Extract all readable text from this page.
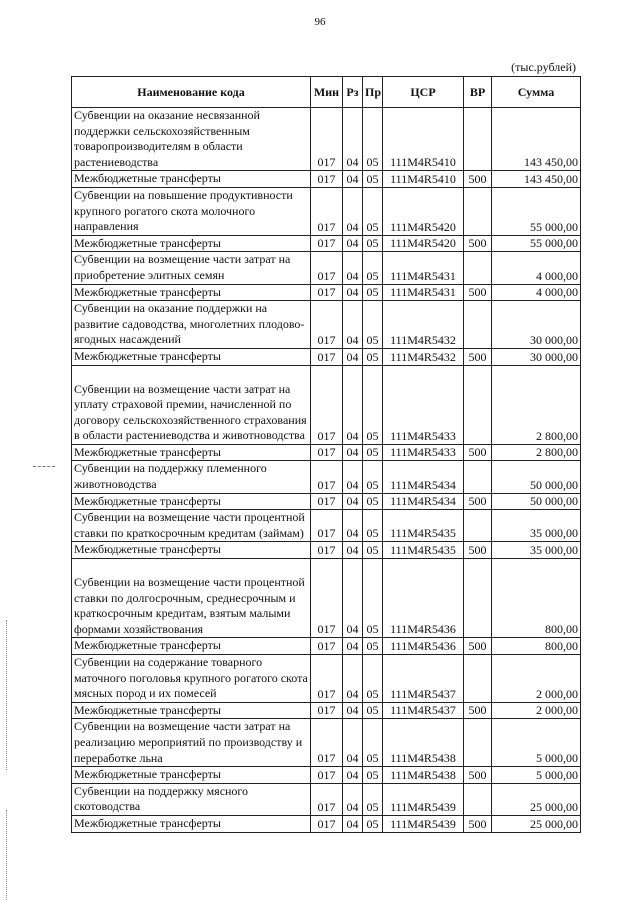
96
(тыс.рублей)
Наименование кода	Мин	Рз	Пр	ЦСР	ВР	Сумма
Субвенции на оказание несвязанной поддержки сельскохозяйственным товаропроизводителям в области растениеводства	017	04	05	111M4R5410		143 450,00
Межбюджетные трансферты	017	04	05	111M4R5410	500	143 450,00
Субвенции на повышение продуктивности крупного рогатого скота молочного направления	017	04	05	111M4R5420		55 000,00
Межбюджетные трансферты	017	04	05	111M4R5420	500	55 000,00
Субвенции на возмещение части затрат на приобретение элитных семян	017	04	05	111M4R5431		4 000,00
Межбюджетные трансферты	017	04	05	111M4R5431	500	4 000,00
Субвенции на оказание поддержки на развитие садоводства, многолетних плодово-ягодных насаждений	017	04	05	111M4R5432		30 000,00
Межбюджетные трансферты	017	04	05	111M4R5432	500	30 000,00
Субвенции на возмещение части затрат на уплату страховой премии, начисленной по договору сельскохозяйственного страхования в области растениеводства и животноводства	017	04	05	111M4R5433		2 800,00
Межбюджетные трансферты	017	04	05	111M4R5433	500	2 800,00
Субвенции на поддержку племенного животноводства	017	04	05	111M4R5434		50 000,00
Межбюджетные трансферты	017	04	05	111M4R5434	500	50 000,00
Субвенции на возмещение части процентной ставки по краткосрочным кредитам (займам)	017	04	05	111M4R5435		35 000,00
Межбюджетные трансферты	017	04	05	111M4R5435	500	35 000,00
Субвенции на возмещение части процентной ставки по долгосрочным, среднесрочным и краткосрочным кредитам, взятым малыми формами хозяйствования	017	04	05	111M4R5436		800,00
Межбюджетные трансферты	017	04	05	111M4R5436	500	800,00
Субвенции на содержание товарного маточного поголовья крупного рогатого скота мясных пород и их помесей	017	04	05	111M4R5437		2 000,00
Межбюджетные трансферты	017	04	05	111M4R5437	500	2 000,00
Субвенции на возмещение части затрат на реализацию мероприятий по производству и переработке льна	017	04	05	111M4R5438		5 000,00
Межбюджетные трансферты	017	04	05	111M4R5438	500	5 000,00
Субвенции на поддержку мясного скотоводства	017	04	05	111M4R5439		25 000,00
Межбюджетные трансферты	017	04	05	111M4R5439	500	25 000,00
